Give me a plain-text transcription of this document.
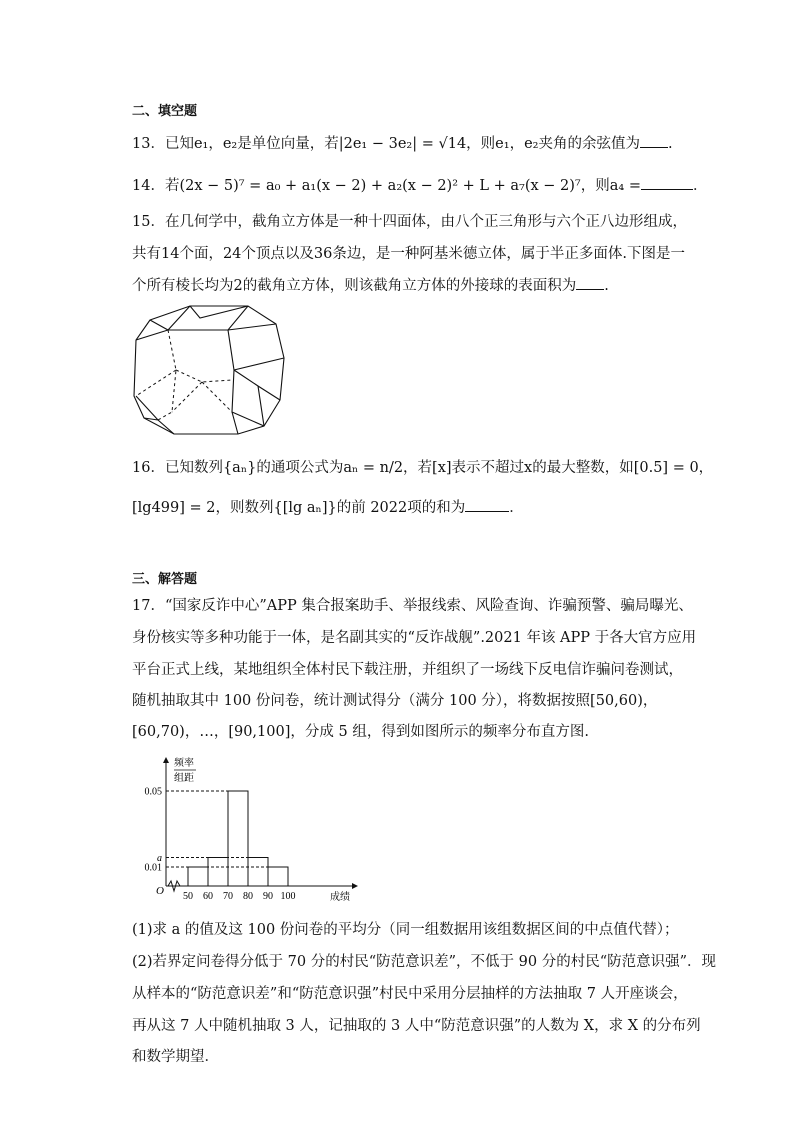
二、填空题
13．已知e₁，e₂是单位向量，若|2e₁ − 3e₂| = √14，则e₁，e₂夹角的余弦值为 .
14．若(2x − 5)⁷ = a₀ + a₁(x − 2) + a₂(x − 2)² + L + a₇(x − 2)⁷，则a₄ =	．
15．在几何学中，截角立方体是一种十四面体，由八个正三角形与六个正八边形组成，
共有14个面，24个顶点以及36条边，是一种阿基米德立体，属于半正多面体.下图是一
个所有棱长均为2的截角立方体，则该截角立方体的外接球的表面积为 .
16．已知数列{aₙ}的通项公式为aₙ = n/2，若[x]表示不超过x的最大整数，如[0.5] = 0，
[lg499] = 2，则数列{[lg aₙ]}的前 2022项的和为	．
三、解答题
17．“国家反诈中心”APP 集合报案助手、举报线索、风险查询、诈骗预警、骗局曝光、
身份核实等多种功能于一体，是名副其实的“反诈战舰”.2021 年该 APP 于各大官方应用
平台正式上线，某地组织全体村民下载注册，并组织了一场线下反电信诈骗问卷测试，
随机抽取其中 100 份问卷，统计测试得分（满分 100 分），将数据按照[50,60)，
[60,70)，…，[90,100]，分成 5 组，得到如图所示的频率分布直方图.
频率
组距
成绩
O
0.05
a
0.01
50 60 70 80 90 100
(1)求 a 的值及这 100 份问卷的平均分（同一组数据用该组数据区间的中点值代替）；
(2)若界定问卷得分低于 70 分的村民“防范意识差”，不低于 90 分的村民“防范意识强”．现
从样本的“防范意识差”和“防范意识强”村民中采用分层抽样的方法抽取 7 人开座谈会，
再从这 7 人中随机抽取 3 人，记抽取的 3 人中“防范意识强”的人数为 X，求 X 的分布列
和数学期望．
